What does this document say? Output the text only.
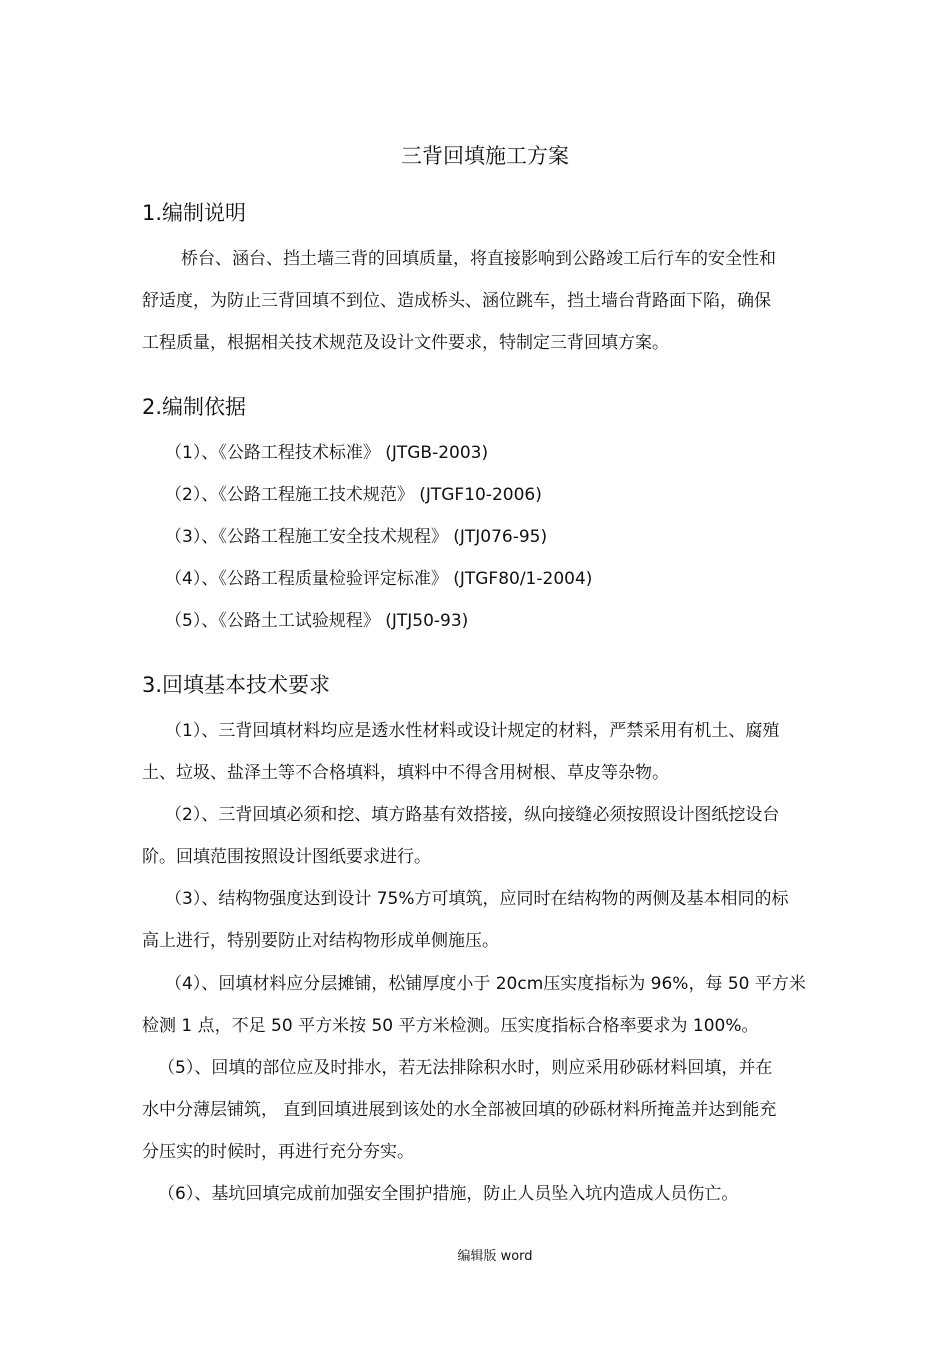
三背回填施工方案
1.编制说明
桥台、涵台、挡土墙三背的回填质量，将直接影响到公路竣工后行车的安全性和
舒适度，为防止三背回填不到位、造成桥头、涵位跳车，挡土墙台背路面下陷，确保
工程质量，根据相关技术规范及设计文件要求，特制定三背回填方案。
2.编制依据
（1）、《公路工程技术标准》 (JTGB-2003)
（2）、《公路工程施工技术规范》 (JTGF10-2006)
（3）、《公路工程施工安全技术规程》 (JTJ076-95)
（4）、《公路工程质量检验评定标准》 (JTGF80/1-2004)
（5）、《公路土工试验规程》 (JTJ50-93)
3.回填基本技术要求
（1）、三背回填材料均应是透水性材料或设计规定的材料，严禁采用有机土、腐殖
土、垃圾、盐泽土等不合格填料，填料中不得含用树根、草皮等杂物。
（2）、三背回填必须和挖、填方路基有效搭接，纵向接缝必须按照设计图纸挖设台
阶。回填范围按照设计图纸要求进行。
（3）、结构物强度达到设计 75%方可填筑，应同时在结构物的两侧及基本相同的标
高上进行，特别要防止对结构物形成单侧施压。
（4）、回填材料应分层摊铺，松铺厚度小于 20cm压实度指标为 96%，每 50 平方米
检测 1 点，不足 50 平方米按 50 平方米检测。压实度指标合格率要求为 100%。
（5）、回填的部位应及时排水，若无法排除积水时，则应采用砂砾材料回填，并在
水中分薄层铺筑， 直到回填进展到该处的水全部被回填的砂砾材料所掩盖并达到能充
分压实的时候时，再进行充分夯实。
（6）、基坑回填完成前加强安全围护措施，防止人员坠入坑内造成人员伤亡。
编辑版 word
